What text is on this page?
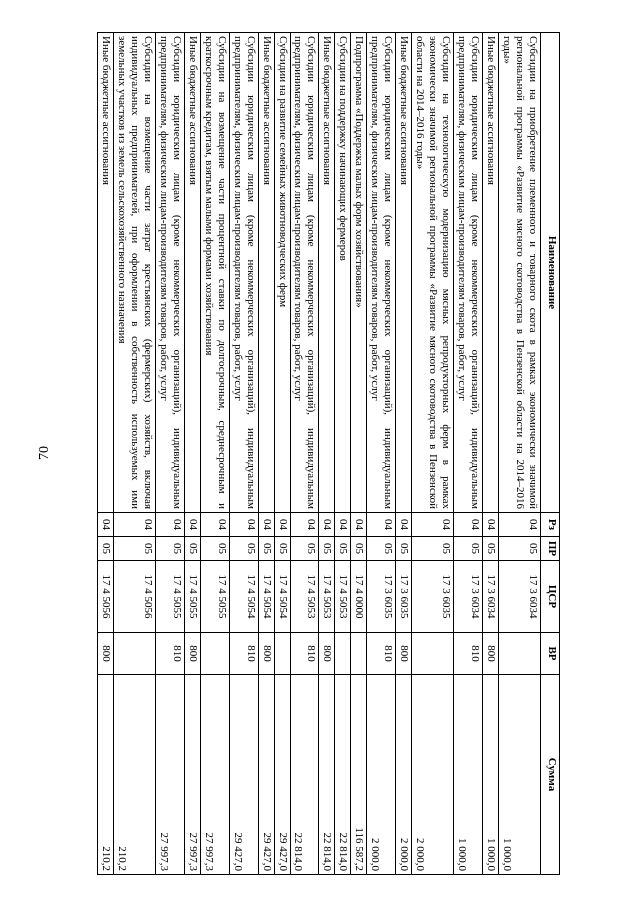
70
Наименование	Рз	ПР	ЦСР	ВР	Сумма
Субсидии на приобретение племенного и товарного скота в рамках экономически значимой региональной программы «Развитие мясного скотоводства в Пензенской области на 2014–2016 годы»	04	05	17 3 6034		1 000,0
Иные бюджетные ассигнования	04	05	17 3 6034	800	1 000,0
Субсидии юридическим лицам (кроме некоммерческих организаций), индивидуальным предпринимателям, физическим лицам-производителям товаров, работ, услуг	04	05	17 3 6034	810	1 000,0
Субсидии на технологическую модернизацию мясных репродукторных ферм в рамках экономически значимой региональной программы «Развитие мясного скотоводства в Пензенской области на 2014–2016 годы»	04	05	17 3 6035		2 000,0
Иные бюджетные ассигнования	04	05	17 3 6035	800	2 000,0
Субсидии юридическим лицам (кроме некоммерческих организаций), индивидуальным предпринимателям, физическим лицам-производителям товаров, работ, услуг	04	05	17 3 6035	810	2 000,0
Подпрограмма «Поддержка малых форм хозяйствования»	04	05	17 4 0000		116 587,2
Субсидии на поддержку начинающих фермеров	04	05	17 4 5053		22 814,0
Иные бюджетные ассигнования	04	05	17 4 5053	800	22 814,0
Субсидии юридическим лицам (кроме некоммерческих организаций), индивидуальным предпринимателям, физическим лицам-производителям товаров, работ, услуг	04	05	17 4 5053	810	22 814,0
Субсидии на развитие семейных животноводческих ферм	04	05	17 4 5054		29 427,0
Иные бюджетные ассигнования	04	05	17 4 5054	800	29 427,0
Субсидии юридическим лицам (кроме некоммерческих организаций), индивидуальным предпринимателям, физическим лицам-производителям товаров, работ, услуг	04	05	17 4 5054	810	29 427,0
Субсидии на возмещение части процентной ставки по долгосрочным, среднесрочным и краткосрочным кредитам, взятым малыми формами хозяйствования	04	05	17 4 5055		27 997,3
Иные бюджетные ассигнования	04	05	17 4 5055	800	27 997,3
Субсидии юридическим лицам (кроме некоммерческих организаций), индивидуальным предпринимателям, физическим лицам-производителям товаров, работ, услуг	04	05	17 4 5055	810	27 997,3
Субсидии на возмещение части затрат крестьянских (фермерских) хозяйств, включая индивидуальных предпринимателей, при оформлении в собственность используемых ими земельных участков из земель сельскохозяйственного назначения	04	05	17 4 5056		210,2
Иные бюджетные ассигнования	04	05	17 4 5056	800	210,2
